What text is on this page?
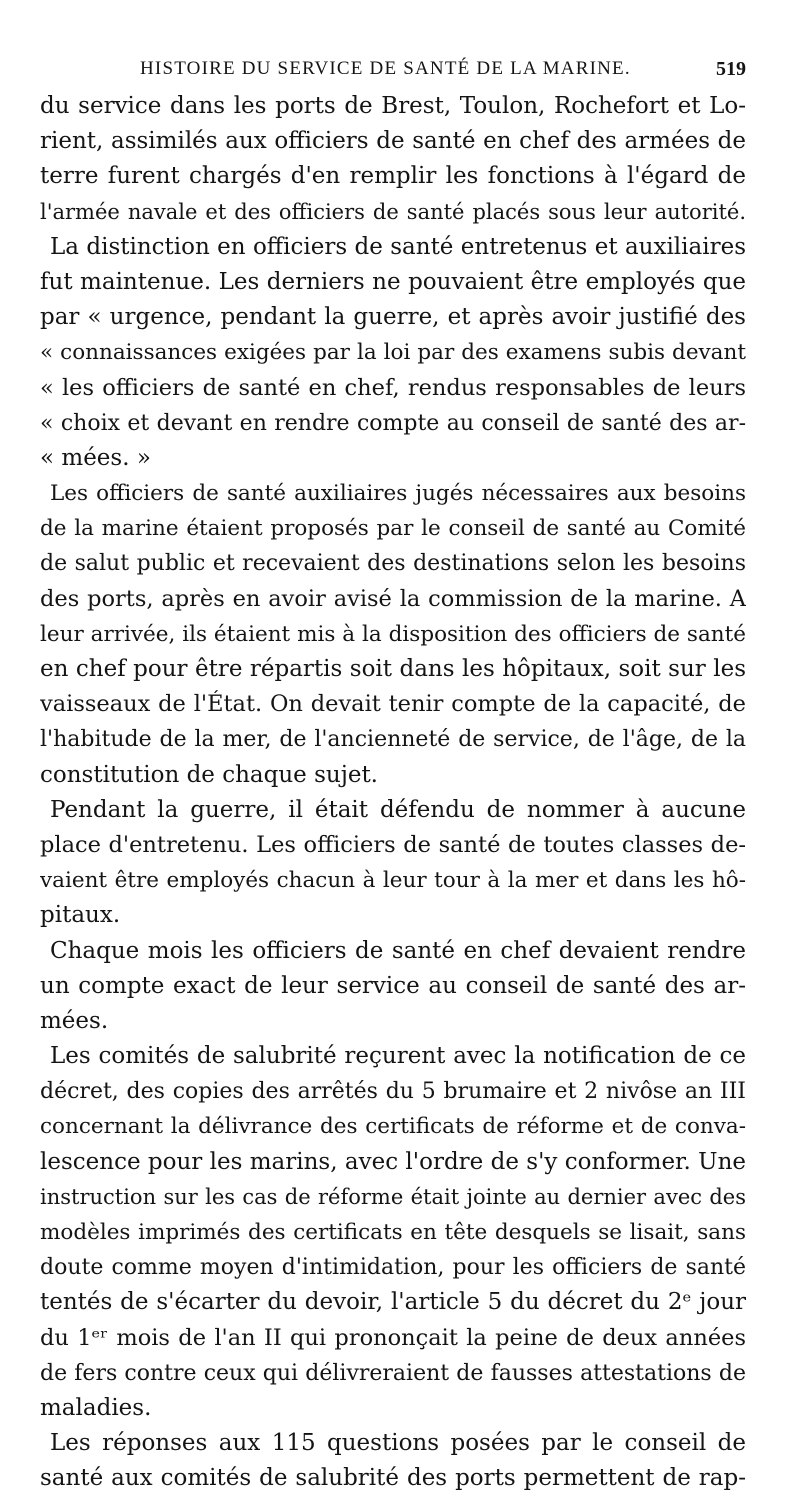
HISTOIRE DU SERVICE DE SANTÉ DE LA MARINE.	519
du service dans les ports de Brest, Toulon, Rochefort et Lo-
rient, assimilés aux officiers de santé en chef des armées de
terre furent chargés d'en remplir les fonctions à l'égard de
l'armée navale et des officiers de santé placés sous leur autorité.
La distinction en officiers de santé entretenus et auxiliaires
fut maintenue. Les derniers ne pouvaient être employés que
par « urgence, pendant la guerre, et après avoir justifié des
« connaissances exigées par la loi par des examens subis devant
« les officiers de santé en chef, rendus responsables de leurs
« choix et devant en rendre compte au conseil de santé des ar-
« mées. »
Les officiers de santé auxiliaires jugés nécessaires aux besoins
de la marine étaient proposés par le conseil de santé au Comité
de salut public et recevaient des destinations selon les besoins
des ports, après en avoir avisé la commission de la marine. A
leur arrivée, ils étaient mis à la disposition des officiers de santé
en chef pour être répartis soit dans les hôpitaux, soit sur les
vaisseaux de l'État. On devait tenir compte de la capacité, de
l'habitude de la mer, de l'ancienneté de service, de l'âge, de la
constitution de chaque sujet.
Pendant la guerre, il était défendu de nommer à aucune
place d'entretenu. Les officiers de santé de toutes classes de-
vaient être employés chacun à leur tour à la mer et dans les hô-
pitaux.
Chaque mois les officiers de santé en chef devaient rendre
un compte exact de leur service au conseil de santé des ar-
mées.
Les comités de salubrité reçurent avec la notification de ce
décret, des copies des arrêtés du 5 brumaire et 2 nivôse an III
concernant la délivrance des certificats de réforme et de conva-
lescence pour les marins, avec l'ordre de s'y conformer. Une
instruction sur les cas de réforme était jointe au dernier avec des
modèles imprimés des certificats en tête desquels se lisait, sans
doute comme moyen d'intimidation, pour les officiers de santé
tentés de s'écarter du devoir, l'article 5 du décret du 2ᵉ jour
du 1ᵉʳ mois de l'an II qui prononçait la peine de deux années
de fers contre ceux qui délivreraient de fausses attestations de
maladies.
Les réponses aux 115 questions posées par le conseil de
santé aux comités de salubrité des ports permettent de rap-
